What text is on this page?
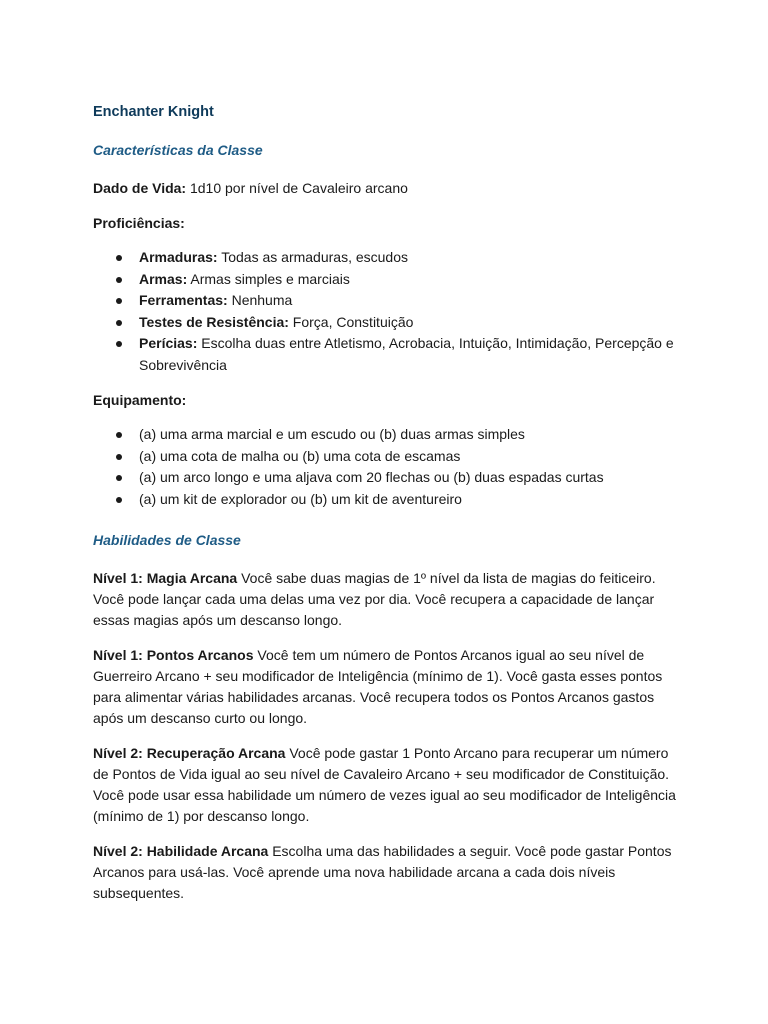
Enchanter Knight
Características da Classe
Dado de Vida: 1d10 por nível de Cavaleiro arcano
Proficiências:
Armaduras: Todas as armaduras, escudos
Armas: Armas simples e marciais
Ferramentas: Nenhuma
Testes de Resistência: Força, Constituição
Perícias: Escolha duas entre Atletismo, Acrobacia, Intuição, Intimidação, Percepção e Sobrevivência
Equipamento:
(a) uma arma marcial e um escudo ou (b) duas armas simples
(a) uma cota de malha ou (b) uma cota de escamas
(a) um arco longo e uma aljava com 20 flechas ou (b) duas espadas curtas
(a) um kit de explorador ou (b) um kit de aventureiro
Habilidades de Classe
Nível 1: Magia Arcana Você sabe duas magias de 1º nível da lista de magias do feiticeiro. Você pode lançar cada uma delas uma vez por dia. Você recupera a capacidade de lançar essas magias após um descanso longo.
Nível 1: Pontos Arcanos Você tem um número de Pontos Arcanos igual ao seu nível de Guerreiro Arcano + seu modificador de Inteligência (mínimo de 1). Você gasta esses pontos para alimentar várias habilidades arcanas. Você recupera todos os Pontos Arcanos gastos após um descanso curto ou longo.
Nível 2: Recuperação Arcana Você pode gastar 1 Ponto Arcano para recuperar um número de Pontos de Vida igual ao seu nível de Cavaleiro Arcano + seu modificador de Constituição. Você pode usar essa habilidade um número de vezes igual ao seu modificador de Inteligência (mínimo de 1) por descanso longo.
Nível 2: Habilidade Arcana Escolha uma das habilidades a seguir. Você pode gastar Pontos Arcanos para usá-las. Você aprende uma nova habilidade arcana a cada dois níveis subsequentes.
